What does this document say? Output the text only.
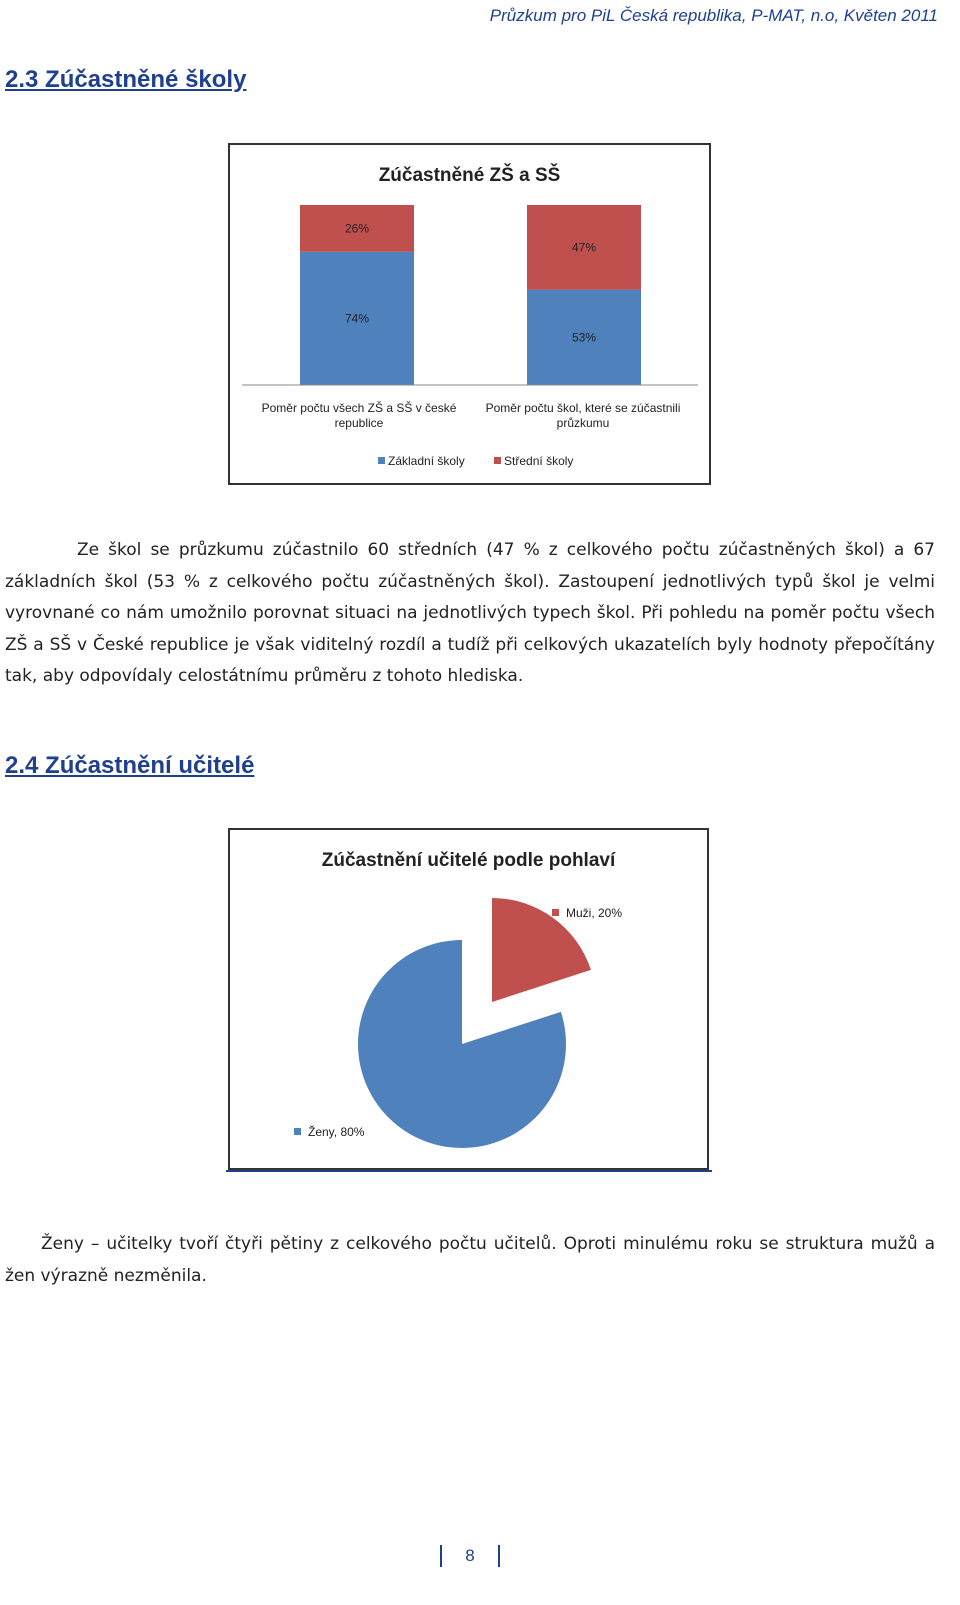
Průzkum pro PiL Česká republika, P-MAT, n.o, Květen 2011
2.3 Zúčastněné školy
Zúčastněné ZŠ a SŠ
74%
26%
53%
47%
Poměr počtu všech ZŠ a SŠ v české republice
Poměr počtu škol, které se zúčastnili průzkumu
Základní školy
	Střední školy

Ze škol se průzkumu zúčastnilo 60 středních (47 % z celkového počtu zúčastněných škol) a 67 základních škol (53 % z celkového počtu zúčastněných škol). Zastoupení jednotlivých typů škol je velmi vyrovnané co nám umožnilo porovnat situaci na jednotlivých typech škol. Při pohledu na poměr počtu všech ZŠ a SŠ v České republice je však viditelný rozdíl a tudíž při celkových ukazatelích byly hodnoty přepočítány tak, aby odpovídaly celostátnímu průměru z tohoto hlediska.

2.4 Zúčastnění učitelé
Zúčastnění učitelé podle pohlaví
Muži, 20%
Ženy, 80%

Ženy – učitelky tvoří čtyři pětiny z celkového počtu učitelů. Oproti minulému roku se struktura mužů a žen výrazně nezměnila.

8
